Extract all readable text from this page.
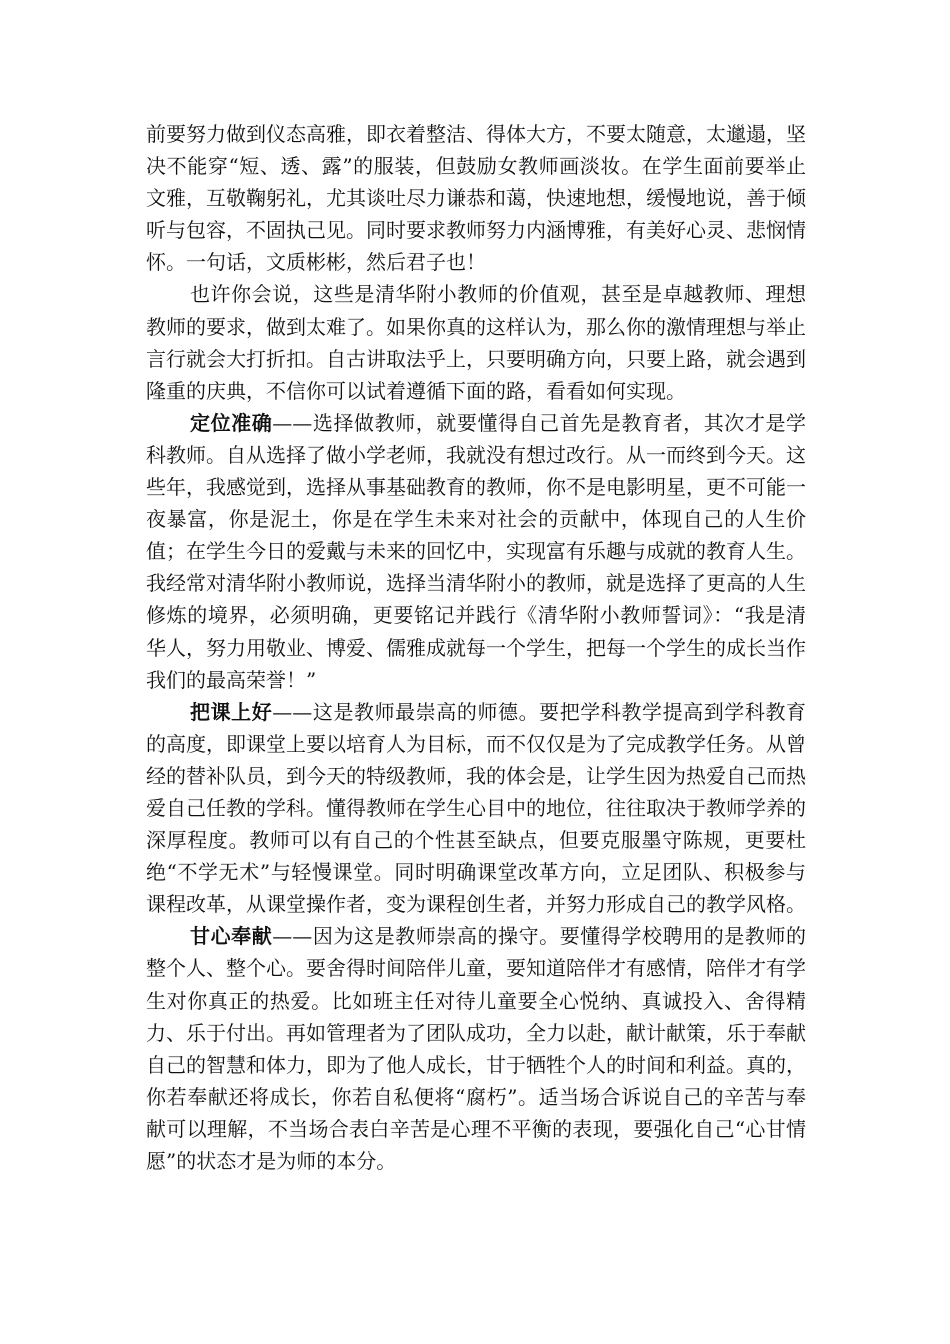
前要努力做到仪态高雅，即衣着整洁、得体大方，不要太随意，太邋遢，坚决不能穿“短、透、露”的服装，但鼓励女教师画淡妆。在学生面前要举止文雅，互敬鞠躬礼，尤其谈吐尽力谦恭和蔼，快速地想，缓慢地说，善于倾听与包容，不固执己见。同时要求教师努力内涵博雅，有美好心灵、悲悯情怀。一句话，文质彬彬，然后君子也！

也许你会说，这些是清华附小教师的价值观，甚至是卓越教师、理想教师的要求，做到太难了。如果你真的这样认为，那么你的激情理想与举止言行就会大打折扣。自古讲取法乎上，只要明确方向，只要上路，就会遇到隆重的庆典，不信你可以试着遵循下面的路，看看如何实现。

定位准确——选择做教师，就要懂得自己首先是教育者，其次才是学科教师。自从选择了做小学老师，我就没有想过改行。从一而终到今天。这些年，我感觉到，选择从事基础教育的教师，你不是电影明星，更不可能一夜暴富，你是泥土，你是在学生未来对社会的贡献中，体现自己的人生价值；在学生今日的爱戴与未来的回忆中，实现富有乐趣与成就的教育人生。我经常对清华附小教师说，选择当清华附小的教师，就是选择了更高的人生修炼的境界，必须明确，更要铭记并践行《清华附小教师誓词》：“我是清华人，努力用敬业、博爱、儒雅成就每一个学生，把每一个学生的成长当作我们的最高荣誉！”

把课上好——这是教师最崇高的师德。要把学科教学提高到学科教育的高度，即课堂上要以培育人为目标，而不仅仅是为了完成教学任务。从曾经的替补队员，到今天的特级教师，我的体会是，让学生因为热爱自己而热爱自己任教的学科。懂得教师在学生心目中的地位，往往取决于教师学养的深厚程度。教师可以有自己的个性甚至缺点，但要克服墨守陈规，更要杜绝“不学无术”与轻慢课堂。同时明确课堂改革方向，立足团队、积极参与课程改革，从课堂操作者，变为课程创生者，并努力形成自己的教学风格。

甘心奉献——因为这是教师崇高的操守。要懂得学校聘用的是教师的整个人、整个心。要舍得时间陪伴儿童，要知道陪伴才有感情，陪伴才有学生对你真正的热爱。比如班主任对待儿童要全心悦纳、真诚投入、舍得精力、乐于付出。再如管理者为了团队成功，全力以赴，献计献策，乐于奉献自己的智慧和体力，即为了他人成长，甘于牺牲个人的时间和利益。真的，你若奉献还将成长，你若自私便将“腐朽”。适当场合诉说自己的辛苦与奉献可以理解，不当场合表白辛苦是心理不平衡的表现，要强化自己“心甘情愿”的状态才是为师的本分。
